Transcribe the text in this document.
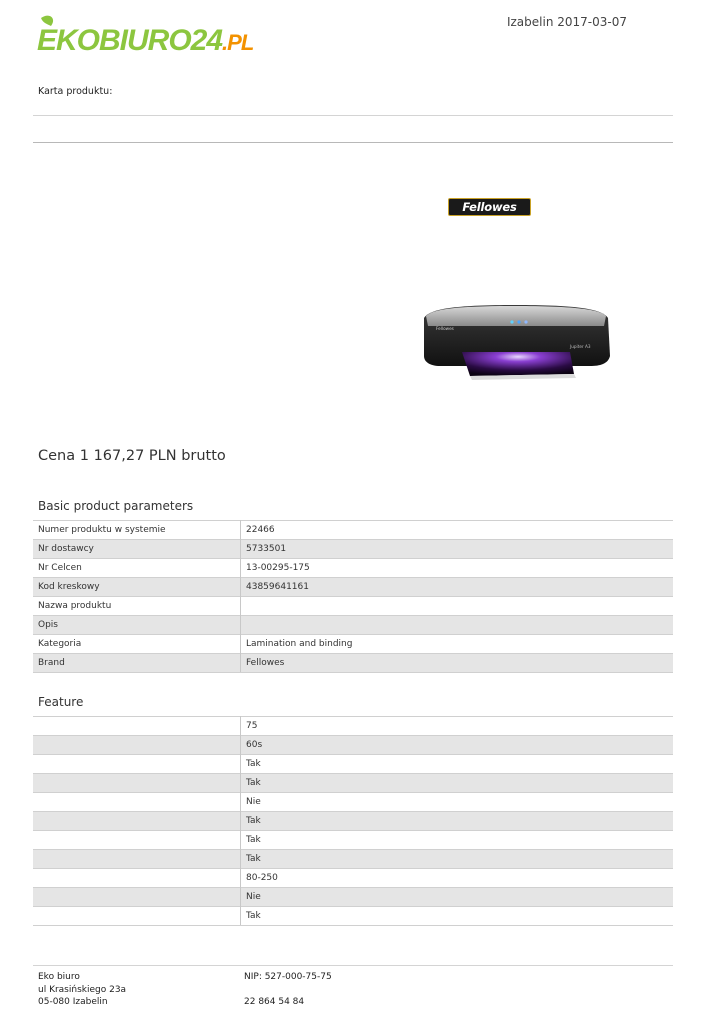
EKOBIURO24.PL
Izabelin 2017-03-07
Karta produktu:
Fellowes
Fellowes
Jupiter A3
Cena 1 167,27 PLN brutto
Basic product parameters
Numer produktu w systemie	22466
Nr dostawcy	5733501
Nr Celcen	13-00295-175
Kod kreskowy	43859641161
Nazwa produktu	
Opis	
Kategoria	Lamination and binding
Brand	Fellowes
Feature
	75
	60s
	Tak
	Tak
	Nie
	Tak
	Tak
	Tak
	80-250
	Nie
	Tak
Eko biuro
ul Krasińskiego 23a
05-080 Izabelin
NIP: 527-000-75-75
22 864 54 84
